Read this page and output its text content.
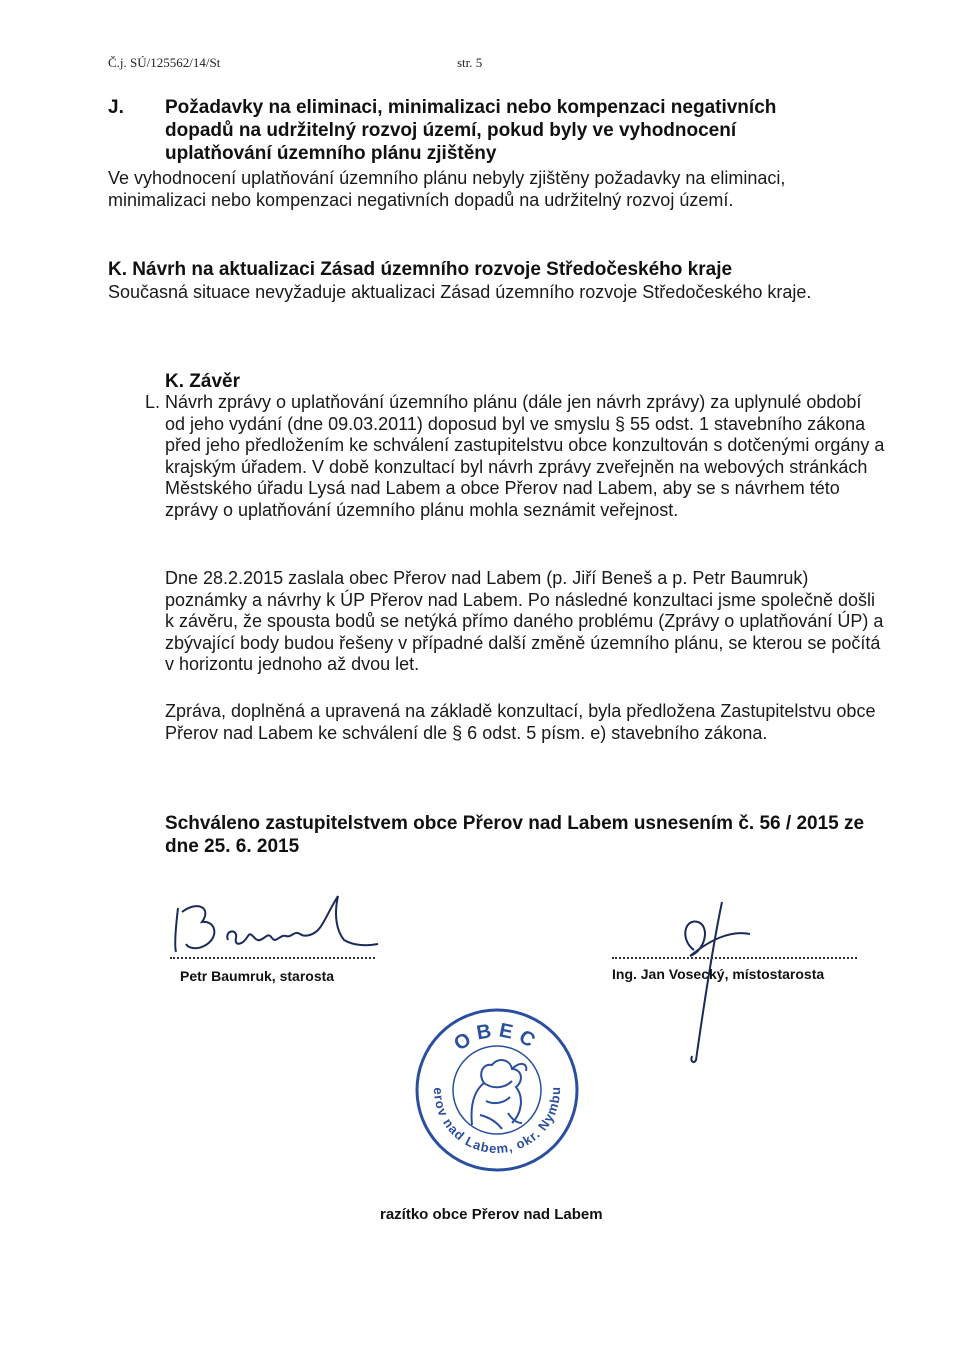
Č.j. SÚ/125562/14/St	str. 5
J. Požadavky na eliminaci, minimalizaci nebo kompenzaci negativních
dopadů na udržitelný rozvoj území, pokud byly ve vyhodnocení uplatňování územního plánu zjištěny

Ve vyhodnocení uplatňování územního plánu nebyly zjištěny požadavky na eliminaci, minimalizaci nebo kompenzaci negativních dopadů na udržitelný rozvoj území.

K. Návrh na aktualizaci Zásad územního rozvoje Středočeského kraje

Současná situace nevyžaduje aktualizaci Zásad územního rozvoje Středočeského kraje.

K. Závěr
L. Návrh zprávy o uplatňování územního plánu (dále jen návrh zprávy) za uplynulé období od jeho vydání (dne 09.03.2011) doposud byl ve smyslu § 55 odst. 1 stavebního zákona před jeho předložením ke schválení zastupitelstvu obce konzultován s dotčenými orgány a krajským úřadem. V době konzultací byl návrh zprávy zveřejněn na webových stránkách Městského úřadu Lysá nad Labem a obce Přerov nad Labem, aby se s návrhem této zprávy o uplatňování územního plánu mohla seznámit veřejnost.

Dne 28.2.2015 zaslala obec Přerov nad Labem (p. Jiří Beneš a p. Petr Baumruk) poznámky a návrhy k ÚP Přerov nad Labem. Po následné konzultaci jsme společně došli k závěru, že spousta bodů se netýká přímo daného problému (Zprávy o uplatňování ÚP) a zbývající body budou řešeny v případné další změně územního plánu, se kterou se počítá v horizontu jednoho až dvou let.

Zpráva, doplněná a upravená na základě konzultací, byla předložena Zastupitelstvu obce Přerov nad Labem ke schválení dle § 6 odst. 5 písm. e) stavebního zákona.

Schváleno zastupitelstvem obce Přerov nad Labem usnesením č. 56 / 2015 ze dne 25. 6. 2015

Petr Baumruk, starosta	Ing. Jan Vosecký, místostarosta
OBEC
Přerov nad Labem, okr. Nymburk
razítko obce Přerov nad Labem
